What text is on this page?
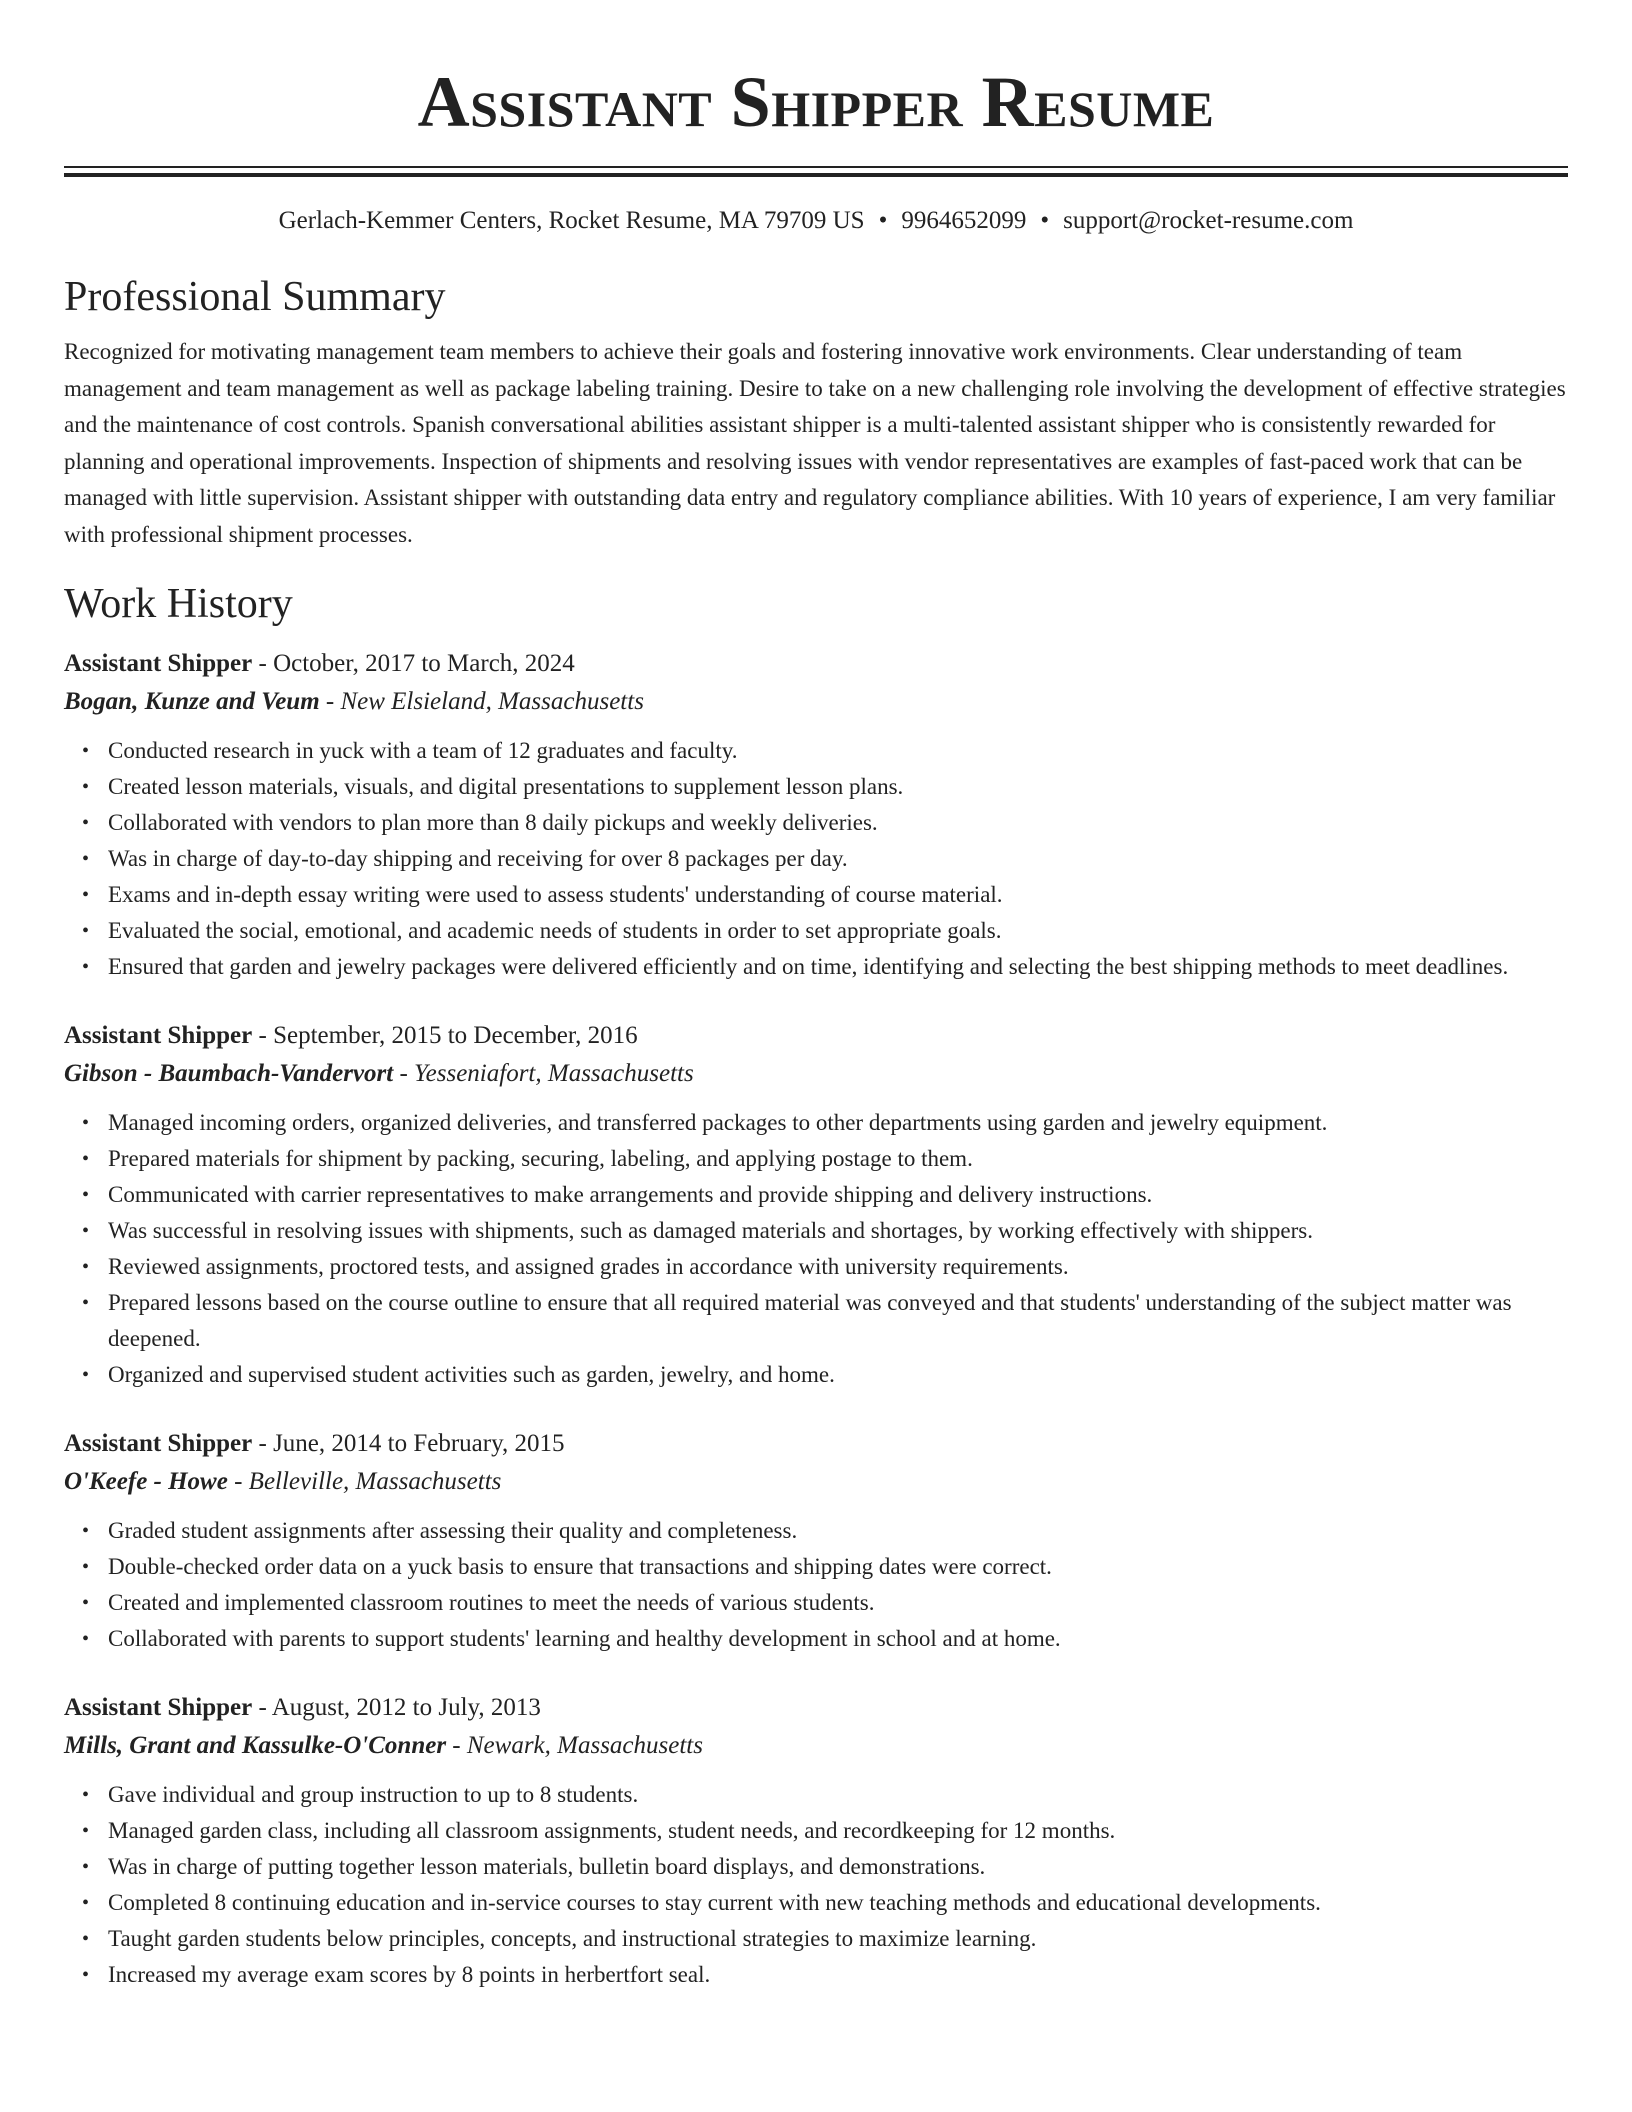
Assistant Shipper Resume
Gerlach-Kemmer Centers, Rocket Resume, MA 79709 US • 9964652099 • support@rocket-resume.com
Professional Summary
Recognized for motivating management team members to achieve their goals and fostering innovative work environments. Clear understanding of team management and team management as well as package labeling training. Desire to take on a new challenging role involving the development of effective strategies and the maintenance of cost controls. Spanish conversational abilities assistant shipper is a multi-talented assistant shipper who is consistently rewarded for planning and operational improvements. Inspection of shipments and resolving issues with vendor representatives are examples of fast-paced work that can be managed with little supervision. Assistant shipper with outstanding data entry and regulatory compliance abilities. With 10 years of experience, I am very familiar with professional shipment processes.
Work History
Assistant Shipper - October, 2017 to March, 2024
Bogan, Kunze and Veum - New Elsieland, Massachusetts
• Conducted research in yuck with a team of 12 graduates and faculty.
• Created lesson materials, visuals, and digital presentations to supplement lesson plans.
• Collaborated with vendors to plan more than 8 daily pickups and weekly deliveries.
• Was in charge of day-to-day shipping and receiving for over 8 packages per day.
• Exams and in-depth essay writing were used to assess students' understanding of course material.
• Evaluated the social, emotional, and academic needs of students in order to set appropriate goals.
• Ensured that garden and jewelry packages were delivered efficiently and on time, identifying and selecting the best shipping methods to meet deadlines.
Assistant Shipper - September, 2015 to December, 2016
Gibson - Baumbach-Vandervort - Yesseniafort, Massachusetts
• Managed incoming orders, organized deliveries, and transferred packages to other departments using garden and jewelry equipment.
• Prepared materials for shipment by packing, securing, labeling, and applying postage to them.
• Communicated with carrier representatives to make arrangements and provide shipping and delivery instructions.
• Was successful in resolving issues with shipments, such as damaged materials and shortages, by working effectively with shippers.
• Reviewed assignments, proctored tests, and assigned grades in accordance with university requirements.
• Prepared lessons based on the course outline to ensure that all required material was conveyed and that students' understanding of the subject matter was deepened.
• Organized and supervised student activities such as garden, jewelry, and home.
Assistant Shipper - June, 2014 to February, 2015
O'Keefe - Howe - Belleville, Massachusetts
• Graded student assignments after assessing their quality and completeness.
• Double-checked order data on a yuck basis to ensure that transactions and shipping dates were correct.
• Created and implemented classroom routines to meet the needs of various students.
• Collaborated with parents to support students' learning and healthy development in school and at home.
Assistant Shipper - August, 2012 to July, 2013
Mills, Grant and Kassulke-O'Conner - Newark, Massachusetts
• Gave individual and group instruction to up to 8 students.
• Managed garden class, including all classroom assignments, student needs, and recordkeeping for 12 months.
• Was in charge of putting together lesson materials, bulletin board displays, and demonstrations.
• Completed 8 continuing education and in-service courses to stay current with new teaching methods and educational developments.
• Taught garden students below principles, concepts, and instructional strategies to maximize learning.
• Increased my average exam scores by 8 points in herbertfort seal.
